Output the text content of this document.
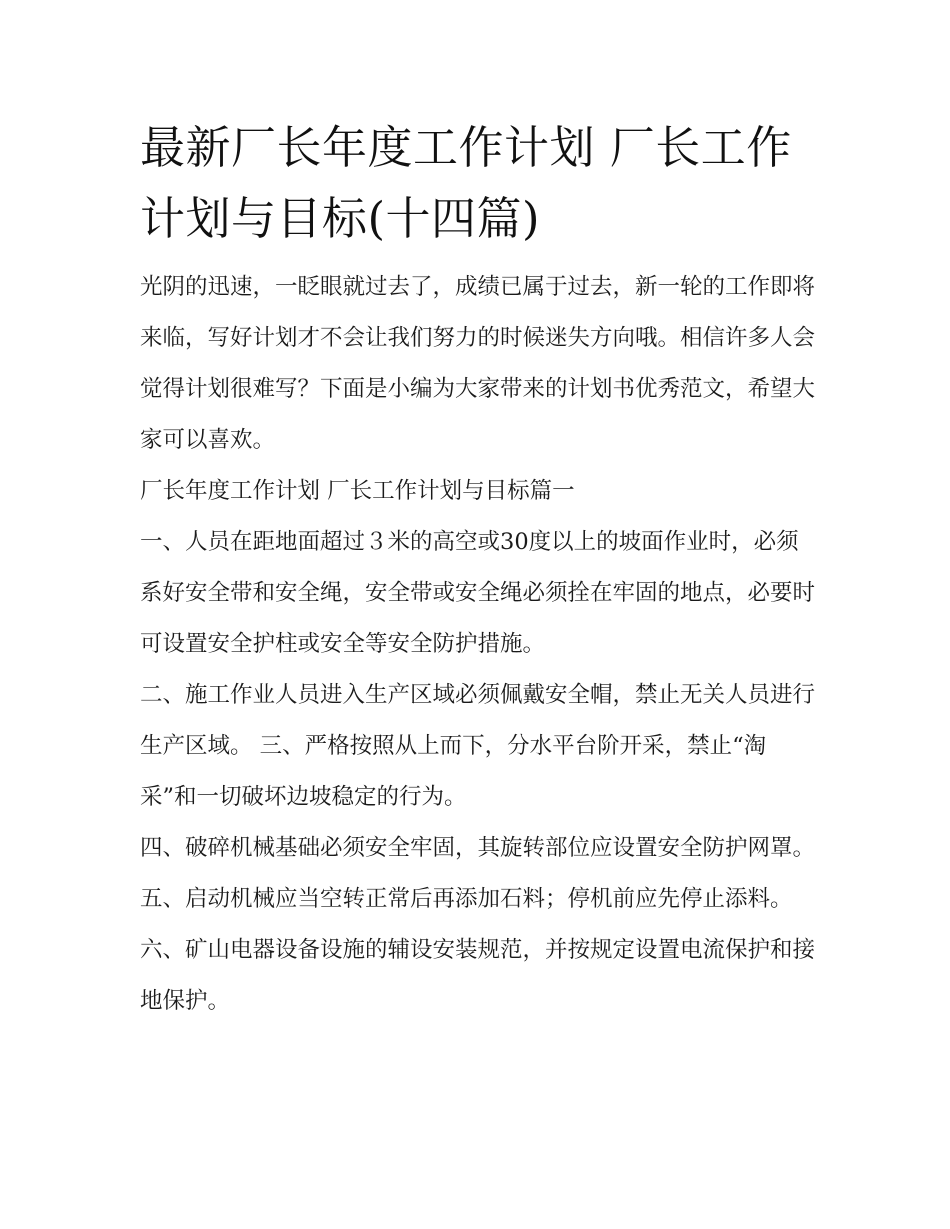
最新厂长年度工作计划 厂长工作计划与目标(十四篇)

光阴的迅速，一眨眼就过去了，成绩已属于过去，新一轮的工作即将来临，写好计划才不会让我们努力的时候迷失方向哦。相信许多人会觉得计划很难写？下面是小编为大家带来的计划书优秀范文，希望大家可以喜欢。

厂长年度工作计划 厂长工作计划与目标篇一

一、人员在距地面超过３米的高空或30度以上的坡面作业时，必须系好安全带和安全绳，安全带或安全绳必须拴在牢固的地点，必要时可设置安全护柱或安全等安全防护措施。

二、施工作业人员进入生产区域必须佩戴安全帽，禁止无关人员进行生产区域。 三、严格按照从上而下，分水平台阶开采，禁止“淘采”和一切破坏边坡稳定的行为。

四、破碎机械基础必须安全牢固，其旋转部位应设置安全防护网罩。 五、启动机械应当空转正常后再添加石料；停机前应先停止添料。

六、矿山电器设备设施的辅设安装规范，并按规定设置电流保护和接地保护。
